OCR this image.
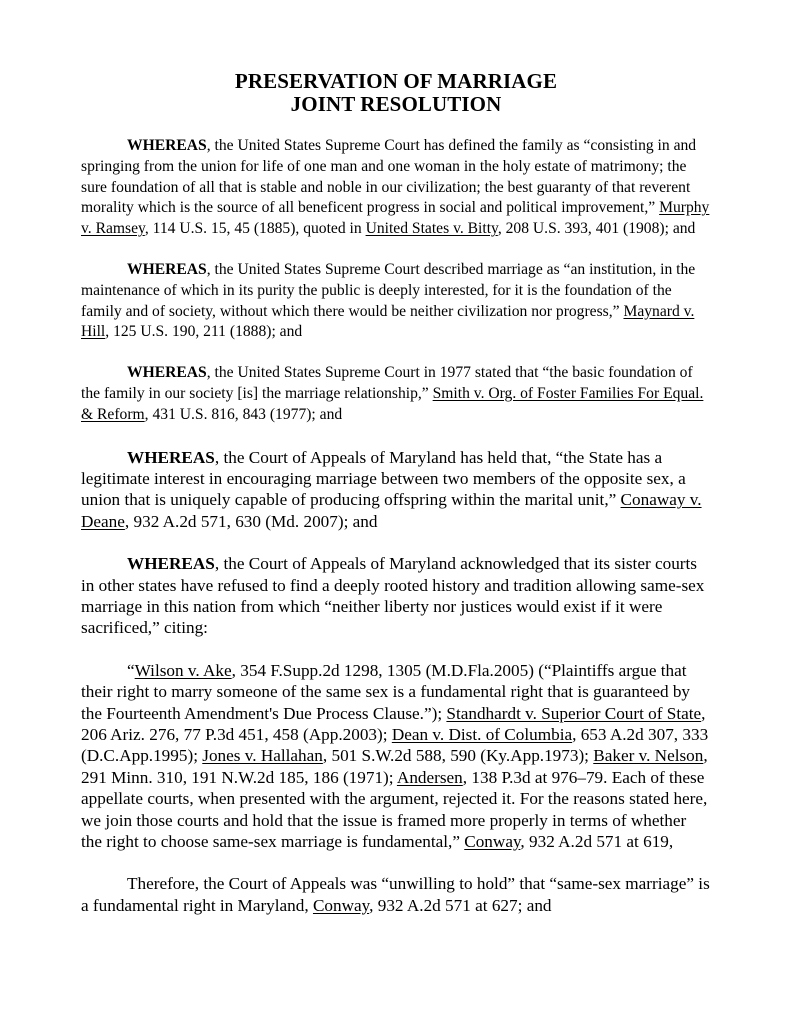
PRESERVATION OF MARRIAGE
JOINT RESOLUTION

WHEREAS, the United States Supreme Court has defined the family as “consisting in and springing from the union for life of one man and one woman in the holy estate of matrimony; the sure foundation of all that is stable and noble in our civilization; the best guaranty of that reverent morality which is the source of all beneficent progress in social and political improvement,” Murphy v. Ramsey, 114 U.S. 15, 45 (1885), quoted in United States v. Bitty, 208 U.S. 393, 401 (1908); and

WHEREAS, the United States Supreme Court described marriage as “an institution, in the maintenance of which in its purity the public is deeply interested, for it is the foundation of the family and of society, without which there would be neither civilization nor progress,” Maynard v. Hill, 125 U.S. 190, 211 (1888); and

WHEREAS, the United States Supreme Court in 1977 stated that “the basic foundation of the family in our society [is] the marriage relationship,” Smith v. Org. of Foster Families For Equal. & Reform, 431 U.S. 816, 843 (1977); and

WHEREAS, the Court of Appeals of Maryland has held that, “the State has a legitimate interest in encouraging marriage between two members of the opposite sex, a union that is uniquely capable of producing offspring within the marital unit,” Conaway v. Deane, 932 A.2d 571, 630 (Md. 2007); and

WHEREAS, the Court of Appeals of Maryland acknowledged that its sister courts in other states have refused to find a deeply rooted history and tradition allowing same-sex marriage in this nation from which “neither liberty nor justices would exist if it were sacrificed,” citing:

“Wilson v. Ake, 354 F.Supp.2d 1298, 1305 (M.D.Fla.2005) (“Plaintiffs argue that their right to marry someone of the same sex is a fundamental right that is guaranteed by the Fourteenth Amendment's Due Process Clause.”); Standhardt v. Superior Court of State, 206 Ariz. 276, 77 P.3d 451, 458 (App.2003); Dean v. Dist. of Columbia, 653 A.2d 307, 333 (D.C.App.1995); Jones v. Hallahan, 501 S.W.2d 588, 590 (Ky.App.1973); Baker v. Nelson, 291 Minn. 310, 191 N.W.2d 185, 186 (1971); Andersen, 138 P.3d at 976–79. Each of these appellate courts, when presented with the argument, rejected it. For the reasons stated here, we join those courts and hold that the issue is framed more properly in terms of whether the right to choose same-sex marriage is fundamental,” Conway, 932 A.2d 571 at 619,

Therefore, the Court of Appeals was “unwilling to hold” that “same-sex marriage” is a fundamental right in Maryland, Conway, 932 A.2d 571 at 627; and
